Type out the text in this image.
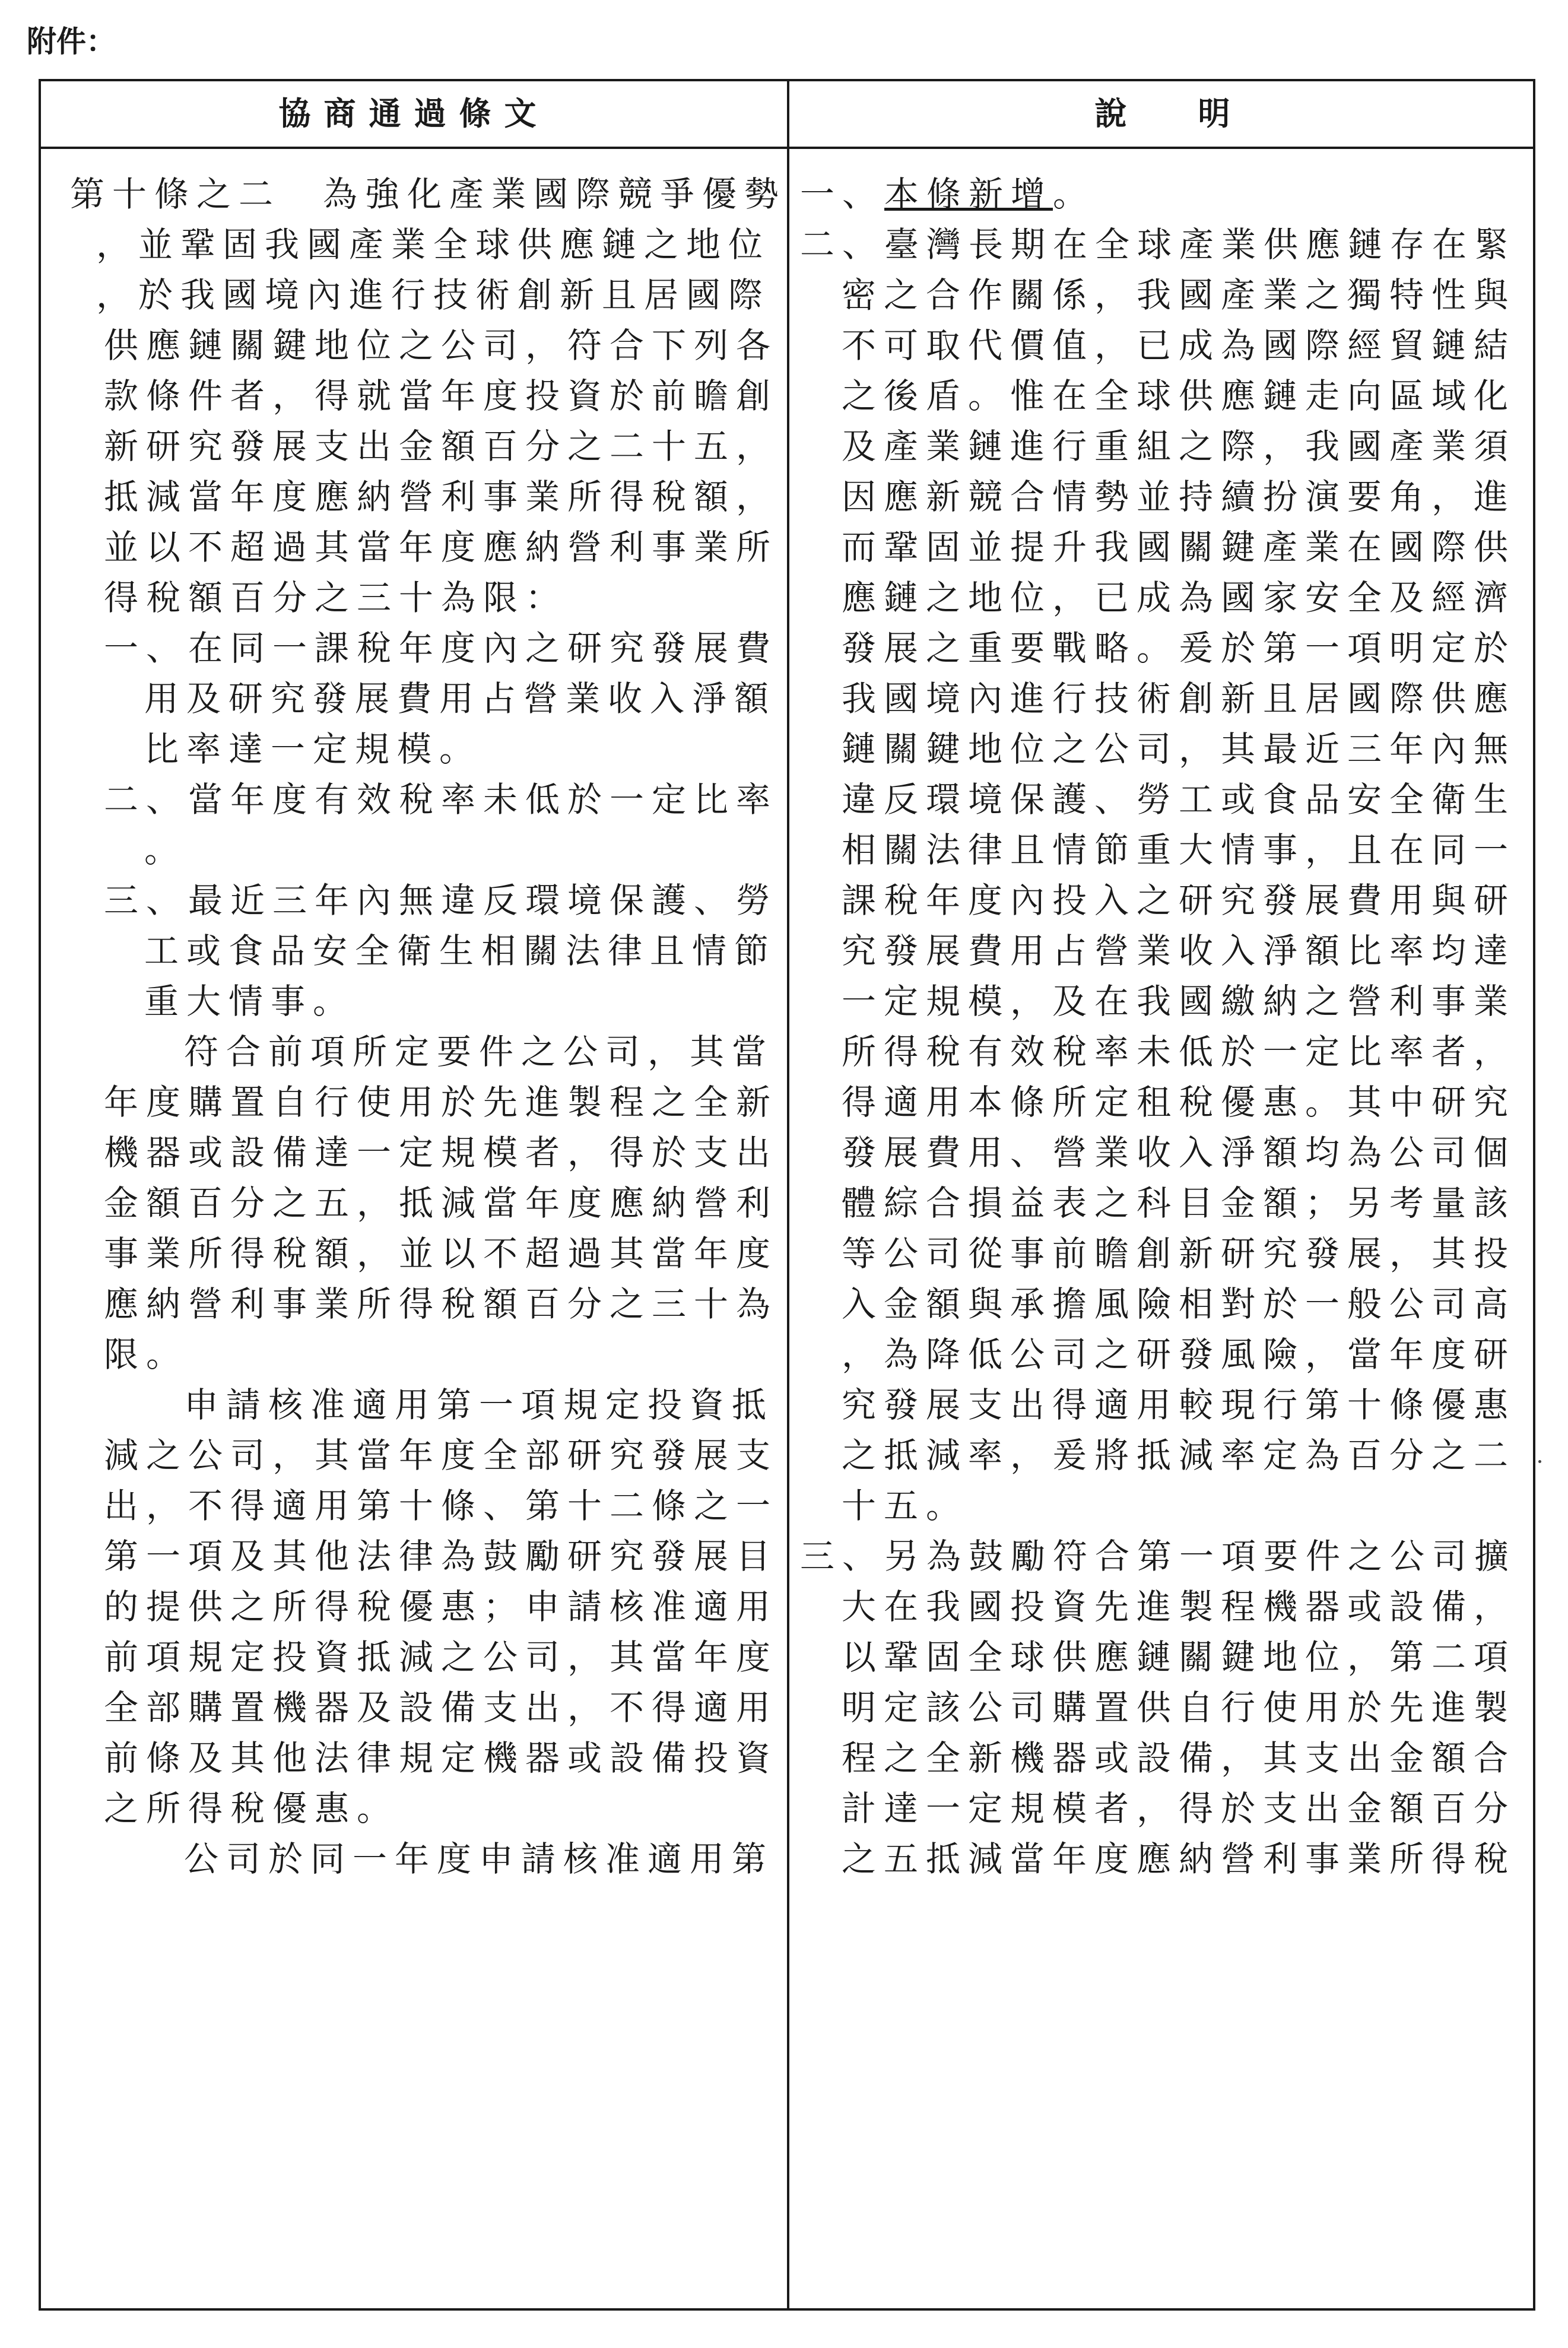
附件：
協商通過條文	說明
第十條之二　為強化產業國際競爭優勢
，並鞏固我國產業全球供應鏈之地位
，於我國境內進行技術創新且居國際
供應鏈關鍵地位之公司，符合下列各
款條件者，得就當年度投資於前瞻創
新研究發展支出金額百分之二十五，
抵減當年度應納營利事業所得稅額，
並以不超過其當年度應納營利事業所
得稅額百分之三十為限：
一、在同一課稅年度內之研究發展費
用及研究發展費用占營業收入淨額
比率達一定規模。
二、當年度有效稅率未低於一定比率
。
三、最近三年內無違反環境保護、勞
工或食品安全衛生相關法律且情節
重大情事。
符合前項所定要件之公司，其當
年度購置自行使用於先進製程之全新
機器或設備達一定規模者，得於支出
金額百分之五，抵減當年度應納營利
事業所得稅額，並以不超過其當年度
應納營利事業所得稅額百分之三十為
限。
申請核准適用第一項規定投資抵
減之公司，其當年度全部研究發展支
出，不得適用第十條、第十二條之一
第一項及其他法律為鼓勵研究發展目
的提供之所得稅優惠；申請核准適用
前項規定投資抵減之公司，其當年度
全部購置機器及設備支出，不得適用
前條及其他法律規定機器或設備投資
之所得稅優惠。
公司於同一年度申請核准適用第
一、本條新增。
二、臺灣長期在全球產業供應鏈存在緊
密之合作關係，我國產業之獨特性與
不可取代價值，已成為國際經貿鏈結
之後盾。惟在全球供應鏈走向區域化
及產業鏈進行重組之際，我國產業須
因應新競合情勢並持續扮演要角，進
而鞏固並提升我國關鍵產業在國際供
應鏈之地位，已成為國家安全及經濟
發展之重要戰略。爰於第一項明定於
我國境內進行技術創新且居國際供應
鏈關鍵地位之公司，其最近三年內無
違反環境保護、勞工或食品安全衛生
相關法律且情節重大情事，且在同一
課稅年度內投入之研究發展費用與研
究發展費用占營業收入淨額比率均達
一定規模，及在我國繳納之營利事業
所得稅有效稅率未低於一定比率者，
得適用本條所定租稅優惠。其中研究
發展費用、營業收入淨額均為公司個
體綜合損益表之科目金額；另考量該
等公司從事前瞻創新研究發展，其投
入金額與承擔風險相對於一般公司高
，為降低公司之研發風險，當年度研
究發展支出得適用較現行第十條優惠
之抵減率，爰將抵減率定為百分之二
十五。
三、另為鼓勵符合第一項要件之公司擴
大在我國投資先進製程機器或設備，
以鞏固全球供應鏈關鍵地位，第二項
明定該公司購置供自行使用於先進製
程之全新機器或設備，其支出金額合
計達一定規模者，得於支出金額百分
之五抵減當年度應納營利事業所得稅
